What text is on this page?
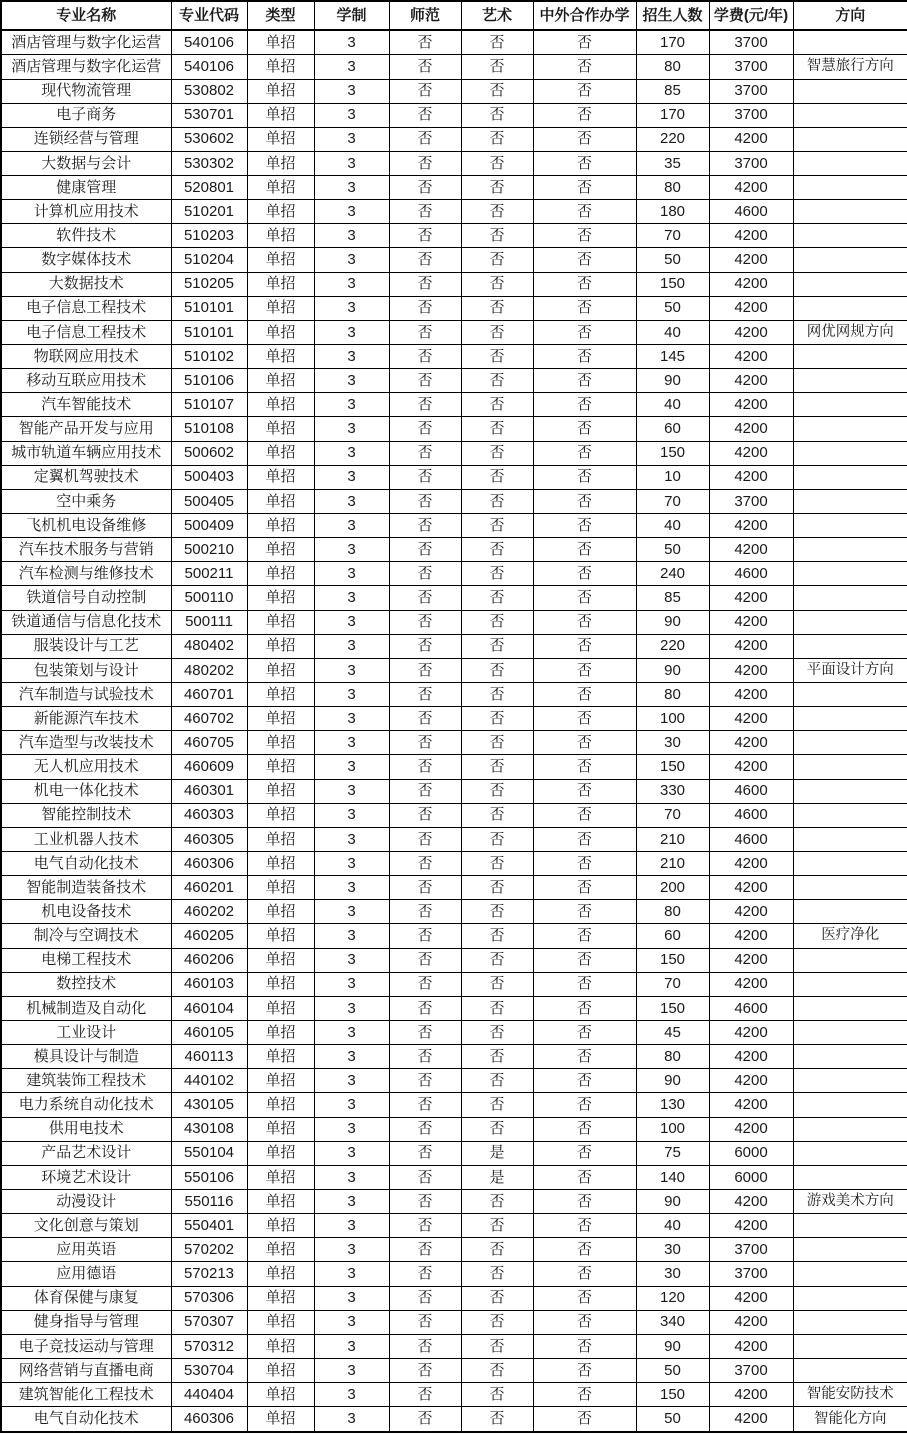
专业名称	专业代码	类型	学制	师范	艺术	中外合作办学	招生人数	学费(元/年)	方向
酒店管理与数字化运营	540106	单招	3	否	否	否	170	3700	
酒店管理与数字化运营	540106	单招	3	否	否	否	80	3700	智慧旅行方向
现代物流管理	530802	单招	3	否	否	否	85	3700	
电子商务	530701	单招	3	否	否	否	170	3700	
连锁经营与管理	530602	单招	3	否	否	否	220	4200	
大数据与会计	530302	单招	3	否	否	否	35	3700	
健康管理	520801	单招	3	否	否	否	80	4200	
计算机应用技术	510201	单招	3	否	否	否	180	4600	
软件技术	510203	单招	3	否	否	否	70	4200	
数字媒体技术	510204	单招	3	否	否	否	50	4200	
大数据技术	510205	单招	3	否	否	否	150	4200	
电子信息工程技术	510101	单招	3	否	否	否	50	4200	
电子信息工程技术	510101	单招	3	否	否	否	40	4200	网优网规方向
物联网应用技术	510102	单招	3	否	否	否	145	4200	
移动互联应用技术	510106	单招	3	否	否	否	90	4200	
汽车智能技术	510107	单招	3	否	否	否	40	4200	
智能产品开发与应用	510108	单招	3	否	否	否	60	4200	
城市轨道车辆应用技术	500602	单招	3	否	否	否	150	4200	
定翼机驾驶技术	500403	单招	3	否	否	否	10	4200	
空中乘务	500405	单招	3	否	否	否	70	3700	
飞机机电设备维修	500409	单招	3	否	否	否	40	4200	
汽车技术服务与营销	500210	单招	3	否	否	否	50	4200	
汽车检测与维修技术	500211	单招	3	否	否	否	240	4600	
铁道信号自动控制	500110	单招	3	否	否	否	85	4200	
铁道通信与信息化技术	500111	单招	3	否	否	否	90	4200	
服装设计与工艺	480402	单招	3	否	否	否	220	4200	
包装策划与设计	480202	单招	3	否	否	否	90	4200	平面设计方向
汽车制造与试验技术	460701	单招	3	否	否	否	80	4200	
新能源汽车技术	460702	单招	3	否	否	否	100	4200	
汽车造型与改装技术	460705	单招	3	否	否	否	30	4200	
无人机应用技术	460609	单招	3	否	否	否	150	4200	
机电一体化技术	460301	单招	3	否	否	否	330	4600	
智能控制技术	460303	单招	3	否	否	否	70	4600	
工业机器人技术	460305	单招	3	否	否	否	210	4600	
电气自动化技术	460306	单招	3	否	否	否	210	4200	
智能制造装备技术	460201	单招	3	否	否	否	200	4200	
机电设备技术	460202	单招	3	否	否	否	80	4200	
制冷与空调技术	460205	单招	3	否	否	否	60	4200	医疗净化
电梯工程技术	460206	单招	3	否	否	否	150	4200	
数控技术	460103	单招	3	否	否	否	70	4200	
机械制造及自动化	460104	单招	3	否	否	否	150	4600	
工业设计	460105	单招	3	否	否	否	45	4200	
模具设计与制造	460113	单招	3	否	否	否	80	4200	
建筑装饰工程技术	440102	单招	3	否	否	否	90	4200	
电力系统自动化技术	430105	单招	3	否	否	否	130	4200	
供用电技术	430108	单招	3	否	否	否	100	4200	
产品艺术设计	550104	单招	3	否	是	否	75	6000	
环境艺术设计	550106	单招	3	否	是	否	140	6000	
动漫设计	550116	单招	3	否	否	否	90	4200	游戏美术方向
文化创意与策划	550401	单招	3	否	否	否	40	4200	
应用英语	570202	单招	3	否	否	否	30	3700	
应用德语	570213	单招	3	否	否	否	30	3700	
体育保健与康复	570306	单招	3	否	否	否	120	4200	
健身指导与管理	570307	单招	3	否	否	否	340	4200	
电子竞技运动与管理	570312	单招	3	否	否	否	90	4200	
网络营销与直播电商	530704	单招	3	否	否	否	50	3700	
建筑智能化工程技术	440404	单招	3	否	否	否	150	4200	智能安防技术
电气自动化技术	460306	单招	3	否	否	否	50	4200	智能化方向
